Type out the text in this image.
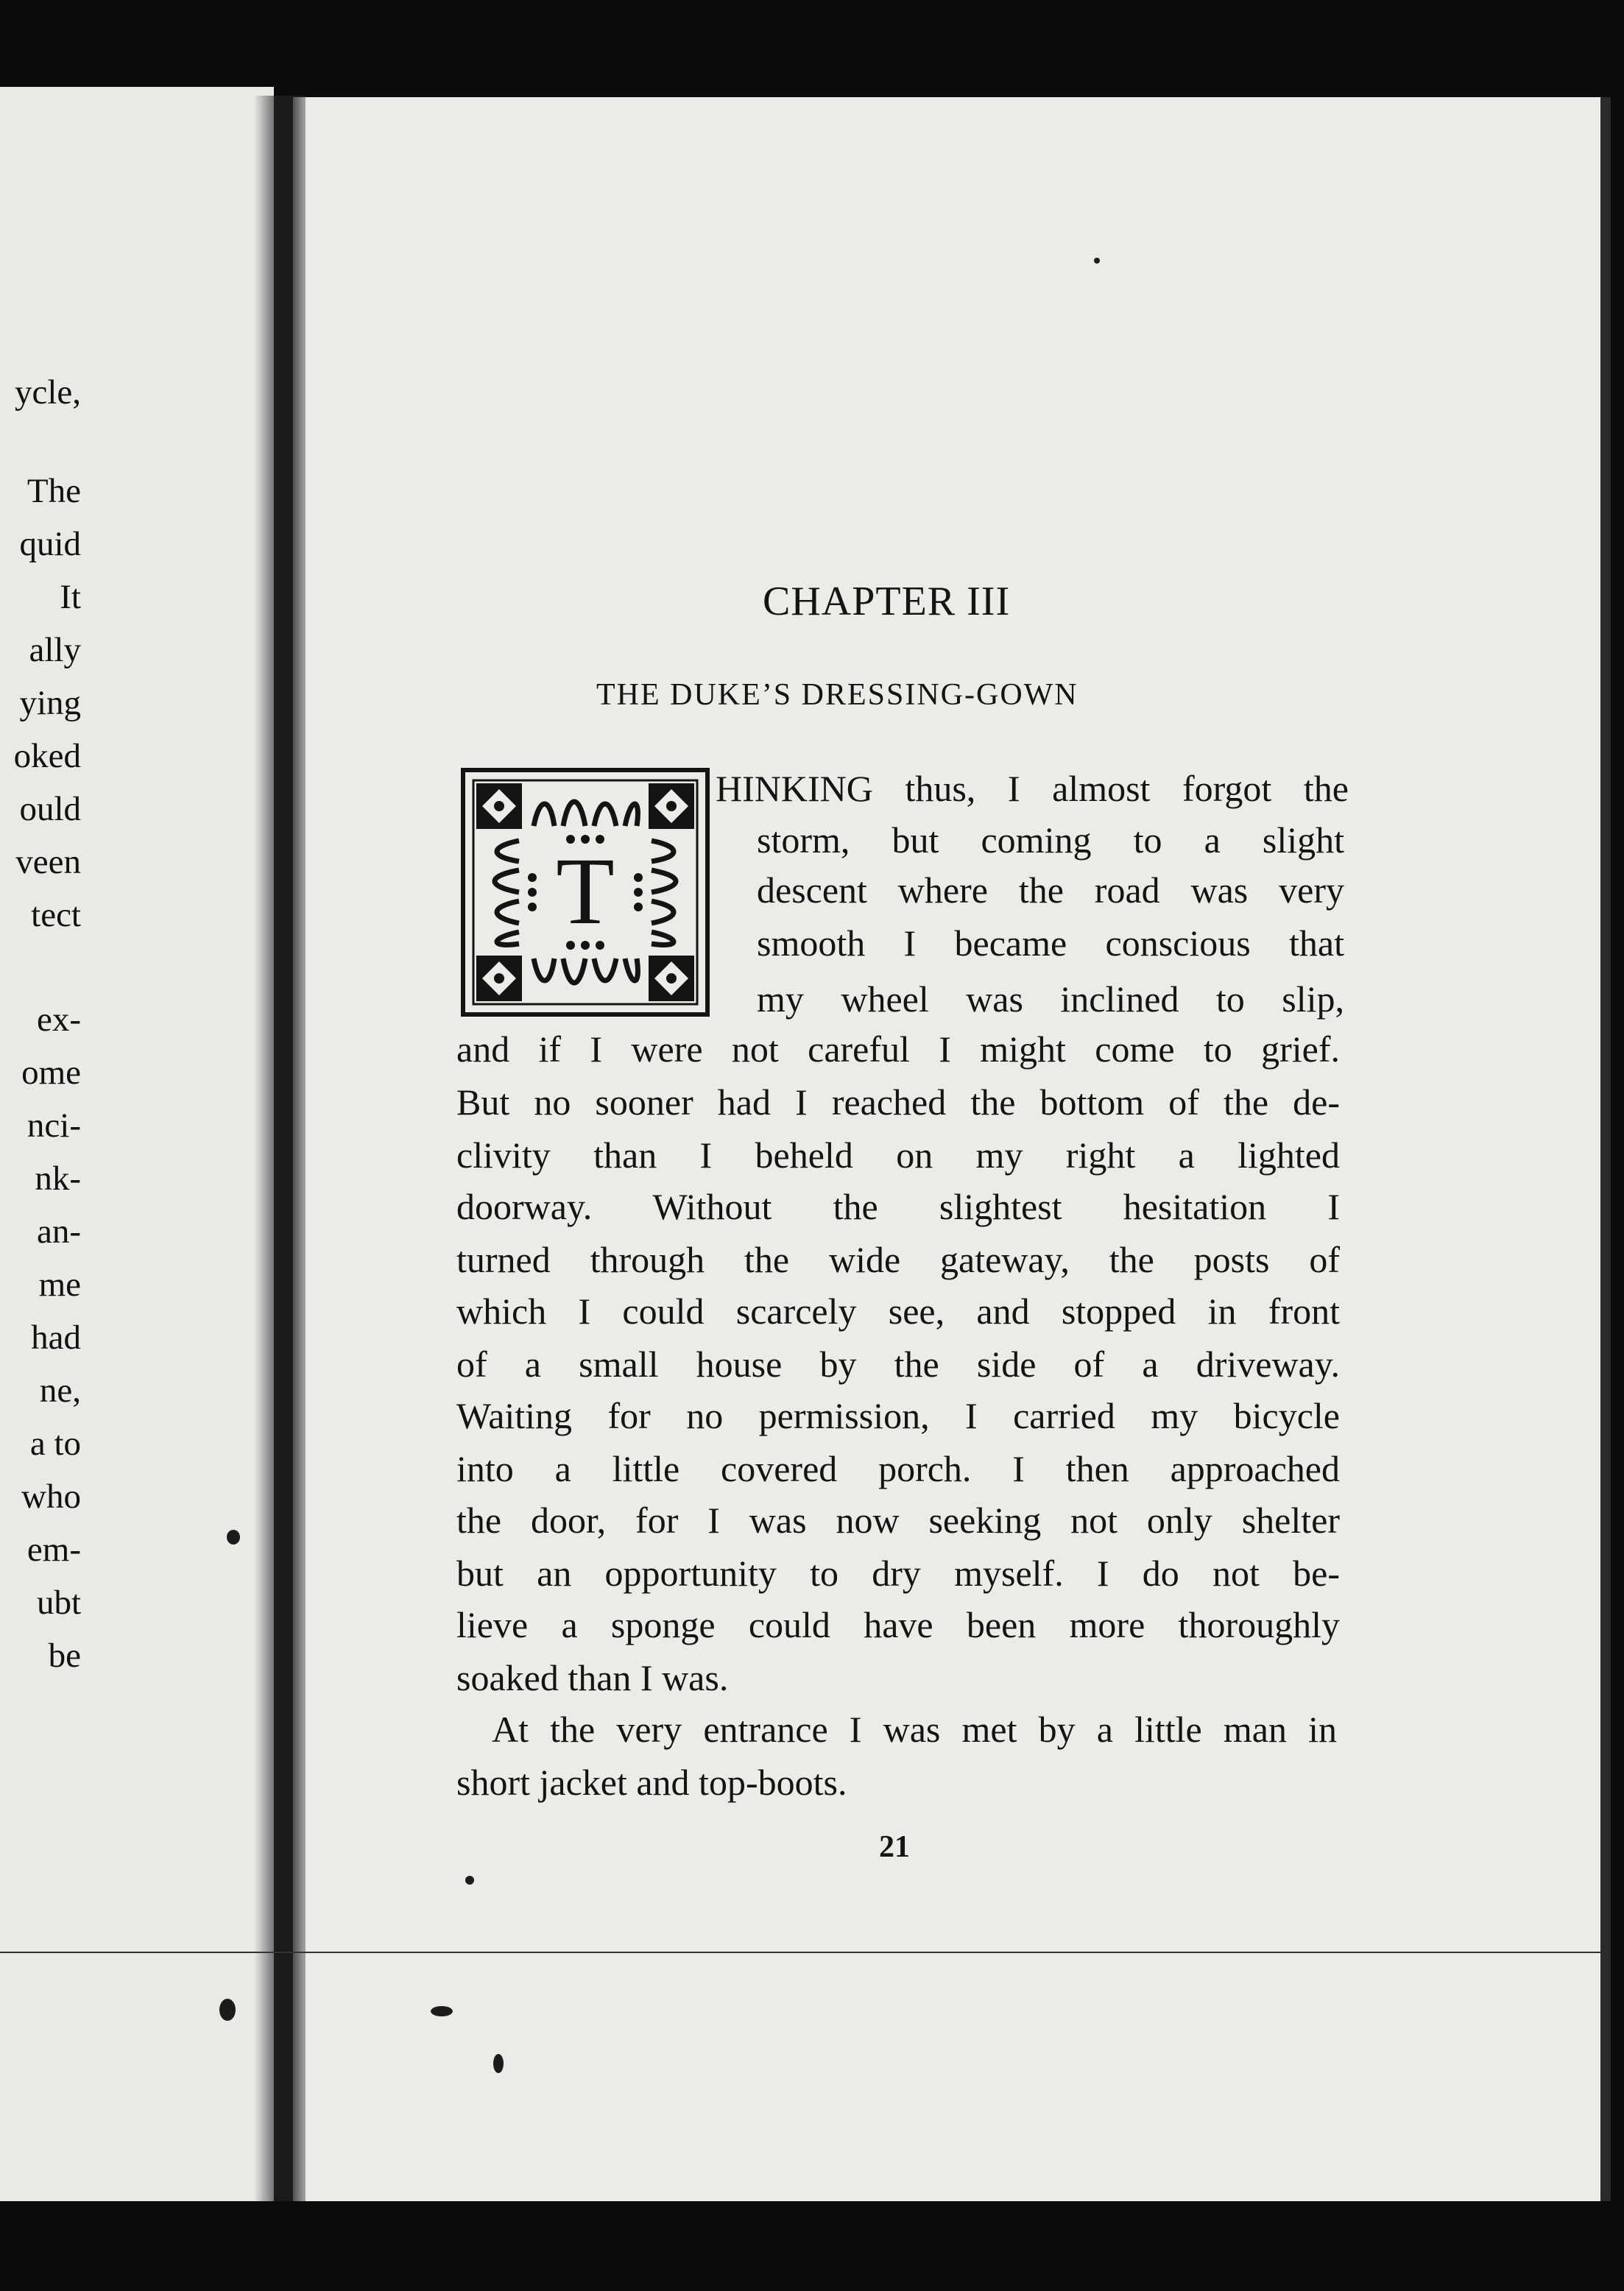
ycle,
The
quid
It
ally
ying
oked
ould
veen
tect
ex-
ome
nci-
nk-
an-
me
had
ne,
a to
who
em-
ubt
be
CHAPTER III
THE DUKE’S DRESSING-GOWN
T
HINKING thus, I almost forgot the
storm, but coming to a slight
descent where the road was very
smooth I became conscious that
my wheel was inclined to slip,
and if I were not careful I might come to grief.
But no sooner had I reached the bottom of the de-
clivity than I beheld on my right a lighted
doorway. Without the slightest hesitation I
turned through the wide gateway, the posts of
which I could scarcely see, and stopped in front
of a small house by the side of a driveway.
Waiting for no permission, I carried my bicycle
into a little covered porch. I then approached
the door, for I was now seeking not only shelter
but an opportunity to dry myself. I do not be-
lieve a sponge could have been more thoroughly
soaked than I was.
At the very entrance I was met by a little man in
short jacket and top-boots.
21
